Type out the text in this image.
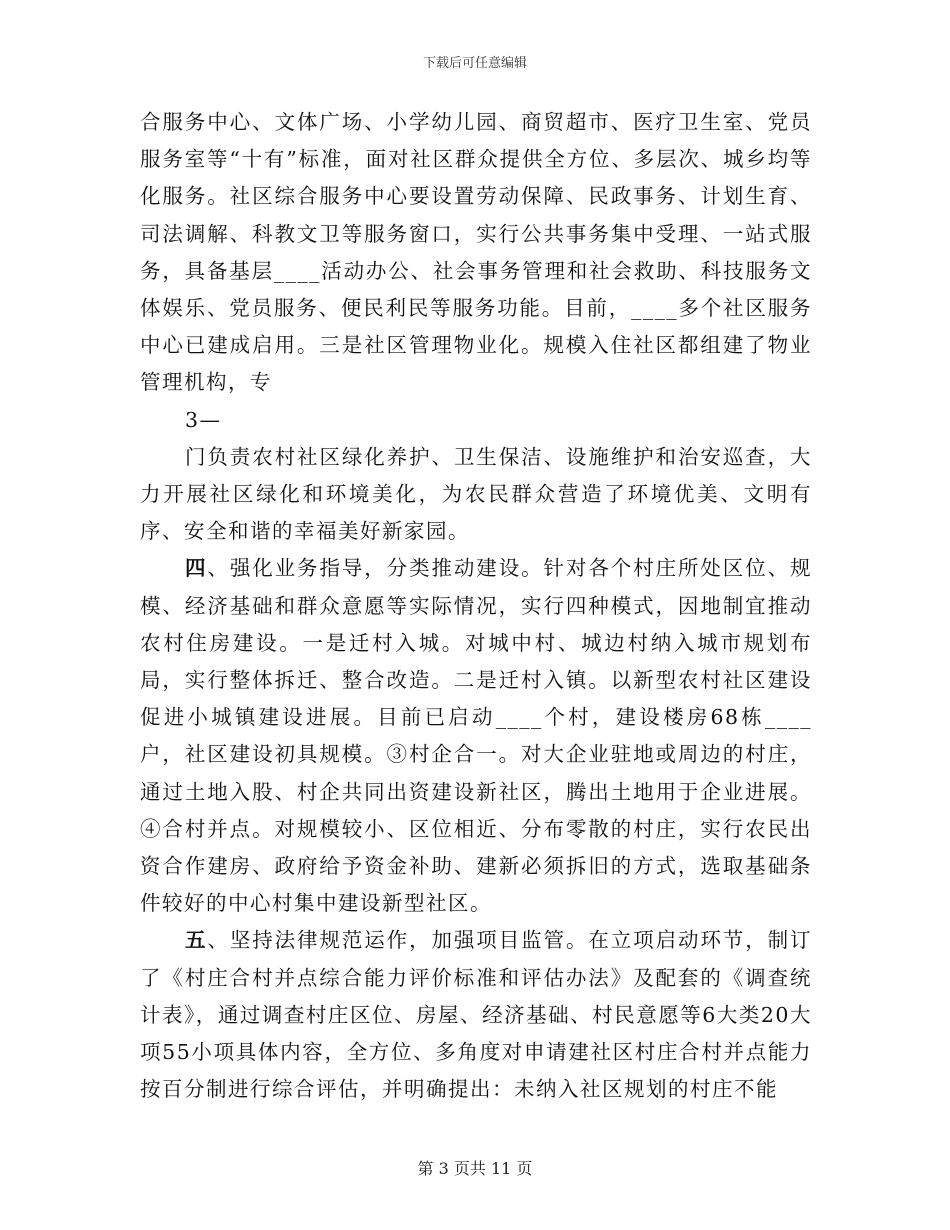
下载后可任意编辑

合服务中心、文体广场、小学幼儿园、商贸超市、医疗卫生室、党员服务室等“十有”标准，面对社区群众提供全方位、多层次、城乡均等化服务。社区综合服务中心要设置劳动保障、民政事务、计划生育、司法调解、科教文卫等服务窗口，实行公共事务集中受理、一站式服务，具备基层____活动办公、社会事务管理和社会救助、科技服务文体娱乐、党员服务、便民利民等服务功能。目前，____多个社区服务中心已建成启用。三是社区管理物业化。规模入住社区都组建了物业管理机构，专

3—

门负责农村社区绿化养护、卫生保洁、设施维护和治安巡查，大力开展社区绿化和环境美化，为农民群众营造了环境优美、文明有序、安全和谐的幸福美好新家园。

四、强化业务指导，分类推动建设。针对各个村庄所处区位、规模、经济基础和群众意愿等实际情况，实行四种模式，因地制宜推动农村住房建设。一是迁村入城。对城中村、城边村纳入城市规划布局，实行整体拆迁、整合改造。二是迁村入镇。以新型农村社区建设促进小城镇建设进展。目前已启动____个村，建设楼房68栋____户，社区建设初具规模。③村企合一。对大企业驻地或周边的村庄，通过土地入股、村企共同出资建设新社区，腾出土地用于企业进展。④合村并点。对规模较小、区位相近、分布零散的村庄，实行农民出资合作建房、政府给予资金补助、建新必须拆旧的方式，选取基础条件较好的中心村集中建设新型社区。

五、坚持法律规范运作，加强项目监管。在立项启动环节，制订了《村庄合村并点综合能力评价标准和评估办法》及配套的《调查统计表》，通过调查村庄区位、房屋、经济基础、村民意愿等6大类20大项55小项具体内容，全方位、多角度对申请建社区村庄合村并点能力按百分制进行综合评估，并明确提出：未纳入社区规划的村庄不能

第 3 页共 11 页
